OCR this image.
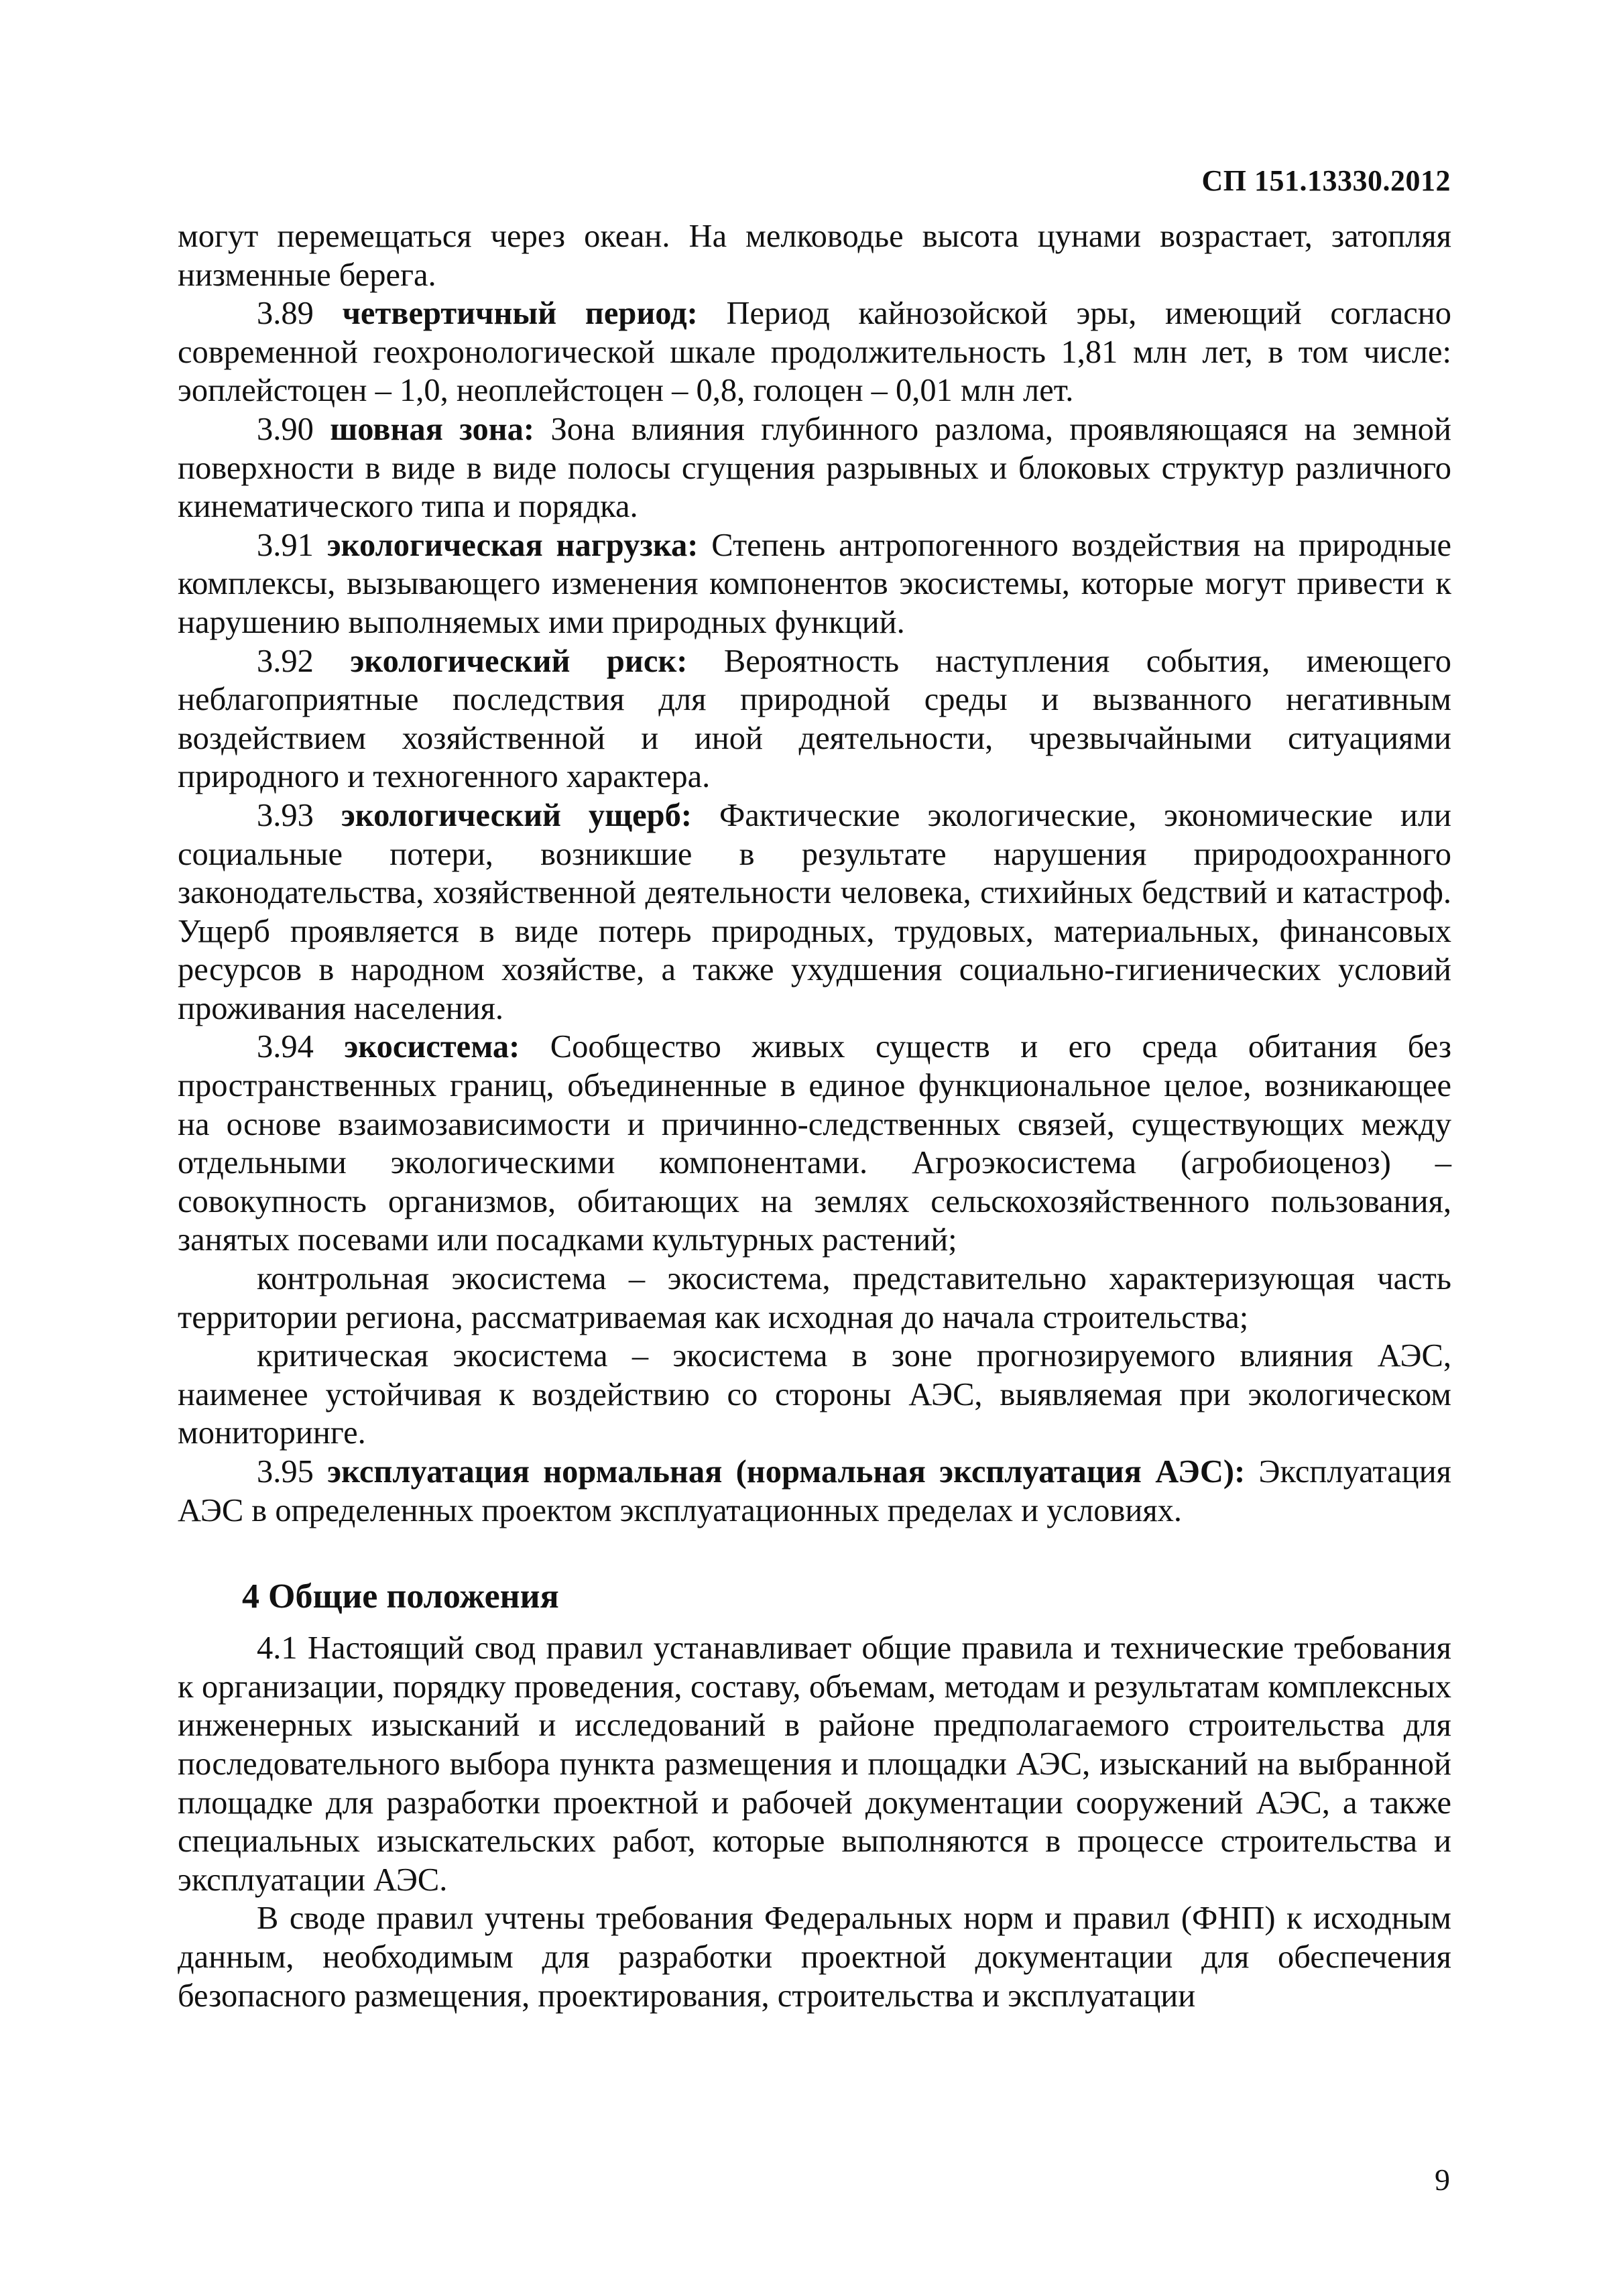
СП 151.13330.2012

могут перемещаться через океан. На мелководье высота цунами возрастает, затопляя низменные берега.

3.89 четвертичный период: Период кайнозойской эры, имеющий согласно современной геохронологической шкале продолжительность 1,81 млн лет, в том числе: эоплейстоцен – 1,0, неоплейстоцен – 0,8, голоцен – 0,01 млн лет.

3.90 шовная зона: Зона влияния глубинного разлома, проявляющаяся на земной поверхности в виде в виде полосы сгущения разрывных и блоковых структур различного кинематического типа и порядка.

3.91 экологическая нагрузка: Степень антропогенного воздействия на природные комплексы, вызывающего изменения компонентов экосистемы, которые могут привести к нарушению выполняемых ими природных функций.

3.92 экологический риск: Вероятность наступления события, имеющего неблагоприятные последствия для природной среды и вызванного негативным воздействием хозяйственной и иной деятельности, чрезвычайными ситуациями природного и техногенного характера.

3.93 экологический ущерб: Фактические экологические, экономические или социальные потери, возникшие в результате нарушения природоохранного законодательства, хозяйственной деятельности человека, стихийных бедствий и катастроф. Ущерб проявляется в виде потерь природных, трудовых, материальных, финансовых ресурсов в народном хозяйстве, а также ухудшения социально-гигиенических условий проживания населения.

3.94 экосистема: Сообщество живых существ и его среда обитания без пространственных границ, объединенные в единое функциональное целое, возникающее на основе взаимозависимости и причинно-следственных связей, существующих между отдельными экологическими компонентами. Агроэкосистема (агробиоценоз) – совокупность организмов, обитающих на землях сельскохозяйственного пользования, занятых посевами или посадками культурных растений;

контрольная экосистема – экосистема, представительно характеризующая часть территории региона, рассматриваемая как исходная до начала строительства;

критическая экосистема – экосистема в зоне прогнозируемого влияния АЭС, наименее устойчивая к воздействию со стороны АЭС, выявляемая при экологическом мониторинге.

3.95 эксплуатация нормальная (нормальная эксплуатация АЭС): Эксплуатация АЭС в определенных проектом эксплуатационных пределах и условиях.

4 Общие положения

4.1 Настоящий свод правил устанавливает общие правила и технические требования к организации, порядку проведения, составу, объемам, методам и результатам комплексных инженерных изысканий и исследований в районе предполагаемого строительства для последовательного выбора пункта размещения и площадки АЭС, изысканий на выбранной площадке для разработки проектной и рабочей документации сооружений АЭС, а также специальных изыскательских работ, которые выполняются в процессе строительства и эксплуатации АЭС.

В своде правил учтены требования Федеральных норм и правил (ФНП) к исходным данным, необходимым для разработки проектной документации для обеспечения безопасного размещения, проектирования, строительства и эксплуатации

9
